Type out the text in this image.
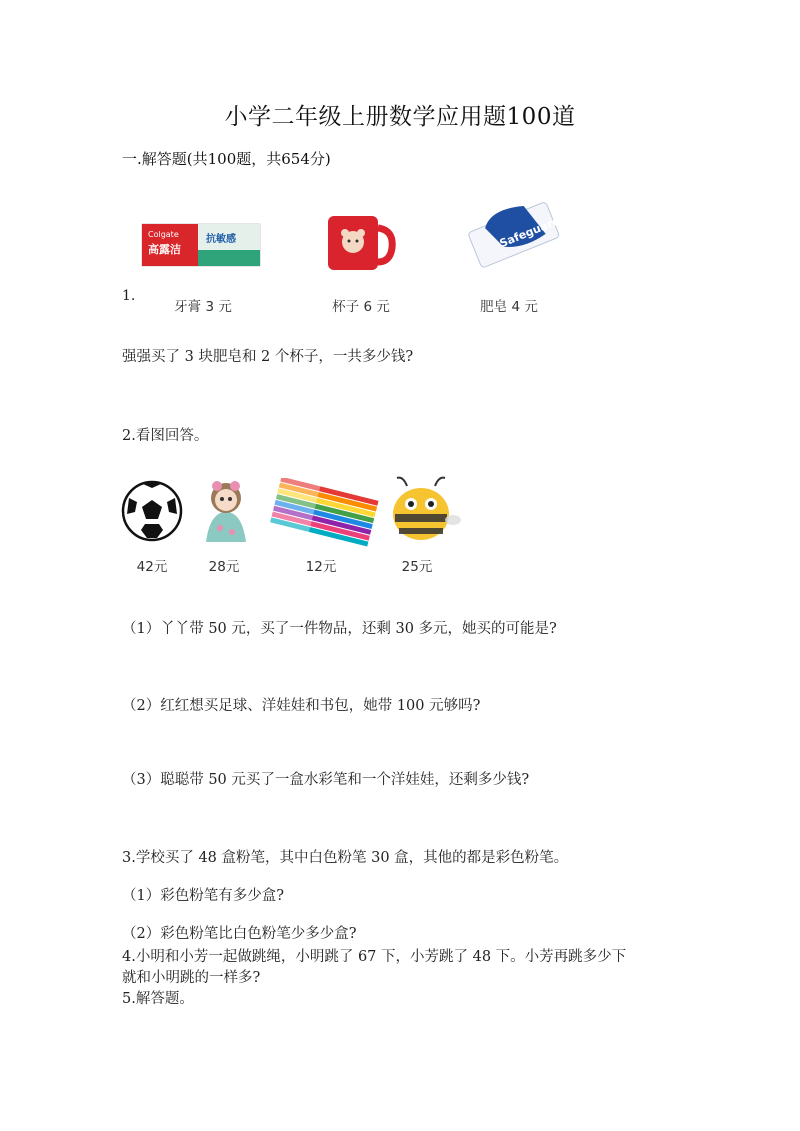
小学二年级上册数学应用题100道
一.解答题(共100题，共654分)
Colgate
高露洁
抗敏感	Safeguard
1.
牙膏 3 元	杯子 6 元	肥皂 4 元
强强买了 3 块肥皂和 2 个杯子，一共多少钱?
2.看图回答。
42元	28元	12元	25元
（1）丫丫带 50 元，买了一件物品，还剩 30 多元，她买的可能是?
（2）红红想买足球、洋娃娃和书包，她带 100 元够吗?
（3）聪聪带 50 元买了一盒水彩笔和一个洋娃娃，还剩多少钱?
3.学校买了 48 盒粉笔，其中白色粉笔 30 盒，其他的都是彩色粉笔。
（1）彩色粉笔有多少盒?
（2）彩色粉笔比白色粉笔少多少盒?
4.小明和小芳一起做跳绳，小明跳了 67 下，小芳跳了 48 下。小芳再跳多少下
就和小明跳的一样多?
5.解答题。
